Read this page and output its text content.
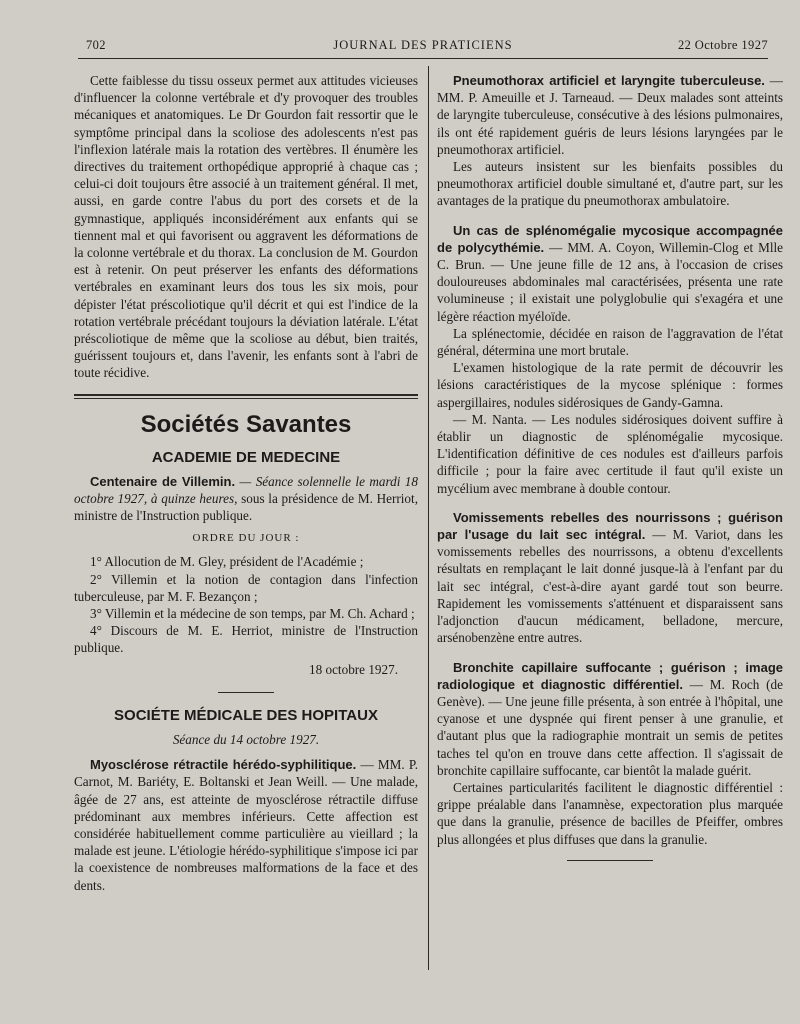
702	JOURNAL DES PRATICIENS	22 Octobre 1927

Cette faiblesse du tissu osseux permet aux attitudes vicieuses d'influencer la colonne vertébrale et d'y provoquer des troubles mécaniques et anatomiques. Le Dr Gourdon fait ressortir que le symptôme principal dans la scoliose des adolescents n'est pas l'inflexion latérale mais la rotation des vertèbres. Il énumère les directives du traitement orthopédique approprié à chaque cas ; celui-ci doit toujours être associé à un traitement général. Il met, aussi, en garde contre l'abus du port des corsets et de la gymnastique, appliqués inconsidérément aux enfants qui se tiennent mal et qui favorisent ou aggravent les déformations de la colonne vertébrale et du thorax. La conclusion de M. Gourdon est à retenir. On peut préserver les enfants des déformations vertébrales en examinant leurs dos tous les six mois, pour dépister l'état préscoliotique qu'il décrit et qui est l'indice de la rotation vertébrale précédant toujours la déviation latérale. L'état préscoliotique de même que la scoliose au début, bien traités, guérissent toujours et, dans l'avenir, les enfants sont à l'abri de toute récidive.

Sociétés Savantes
ACADEMIE DE MEDECINE

Centenaire de Villemin. — Séance solennelle le mardi 18 octobre 1927, à quinze heures, sous la présidence de M. Herriot, ministre de l'Instruction publique.

ORDRE DU JOUR :

1° Allocution de M. Gley, président de l'Académie ;

2° Villemin et la notion de contagion dans l'infection tuberculeuse, par M. F. Bezançon ;

3° Villemin et la médecine de son temps, par M. Ch. Achard ;

4° Discours de M. E. Herriot, ministre de l'Instruction publique.

18 octobre 1927.
SOCIÉTE MÉDICALE DES HOPITAUX
Séance du 14 octobre 1927.

Myosclérose rétractile hérédo-syphilitique. — MM. P. Carnot, M. Bariéty, E. Boltanski et Jean Weill. — Une malade, âgée de 27 ans, est atteinte de myosclérose rétractile diffuse prédominant aux membres inférieurs. Cette affection est considérée habituellement comme particulière au vieillard ; la malade est jeune. L'étiologie hérédo-syphilitique s'impose ici par la coexistence de nombreuses malformations de la face et des dents.

Pneumothorax artificiel et laryngite tuberculeuse. — MM. P. Ameuille et J. Tarneaud. — Deux malades sont atteints de laryngite tuberculeuse, consécutive à des lésions pulmonaires, ils ont été rapidement guéris de leurs lésions laryngées par le pneumothorax artificiel.

Les auteurs insistent sur les bienfaits possibles du pneumothorax artificiel double simultané et, d'autre part, sur les avantages de la pratique du pneumothorax ambulatoire.

Un cas de splénomégalie mycosique accompagnée de polycythémie. — MM. A. Coyon, Willemin-Clog et Mlle C. Brun. — Une jeune fille de 12 ans, à l'occasion de crises douloureuses abdominales mal caractérisées, présenta une rate volumineuse ; il existait une polyglobulie qui s'exagéra et une légère réaction myéloïde.

La splénectomie, décidée en raison de l'aggravation de l'état général, détermina une mort brutale.

L'examen histologique de la rate permit de découvrir les lésions caractéristiques de la mycose splénique : formes aspergillaires, nodules sidérosiques de Gandy-Gamna.

— M. Nanta. — Les nodules sidérosiques doivent suffire à établir un diagnostic de splénomégalie mycosique. L'identification définitive de ces nodules est d'ailleurs parfois difficile ; pour la faire avec certitude il faut qu'il existe un mycélium avec membrane à double contour.

Vomissements rebelles des nourrissons ; guérison par l'usage du lait sec intégral. — M. Variot, dans les vomissements rebelles des nourrissons, a obtenu d'excellents résultats en remplaçant le lait donné jusque-là à l'enfant par du lait sec intégral, c'est-à-dire ayant gardé tout son beurre. Rapidement les vomissements s'atténuent et disparaissent sans l'adjonction d'aucun médicament, belladone, mercure, arsénobenzène entre autres.

Bronchite capillaire suffocante ; guérison ; image radiologique et diagnostic différentiel. — M. Roch (de Genève). — Une jeune fille présenta, à son entrée à l'hôpital, une cyanose et une dyspnée qui firent penser à une granulie, et d'autant plus que la radiographie montrait un semis de petites taches tel qu'on en trouve dans cette affection. Il s'agissait de bronchite capillaire suffocante, car bientôt la malade guérit.

Certaines particularités facilitent le diagnostic différentiel : grippe préalable dans l'anamnèse, expectoration plus marquée que dans la granulie, présence de bacilles de Pfeiffer, ombres plus allongées et plus diffuses que dans la granulie.
